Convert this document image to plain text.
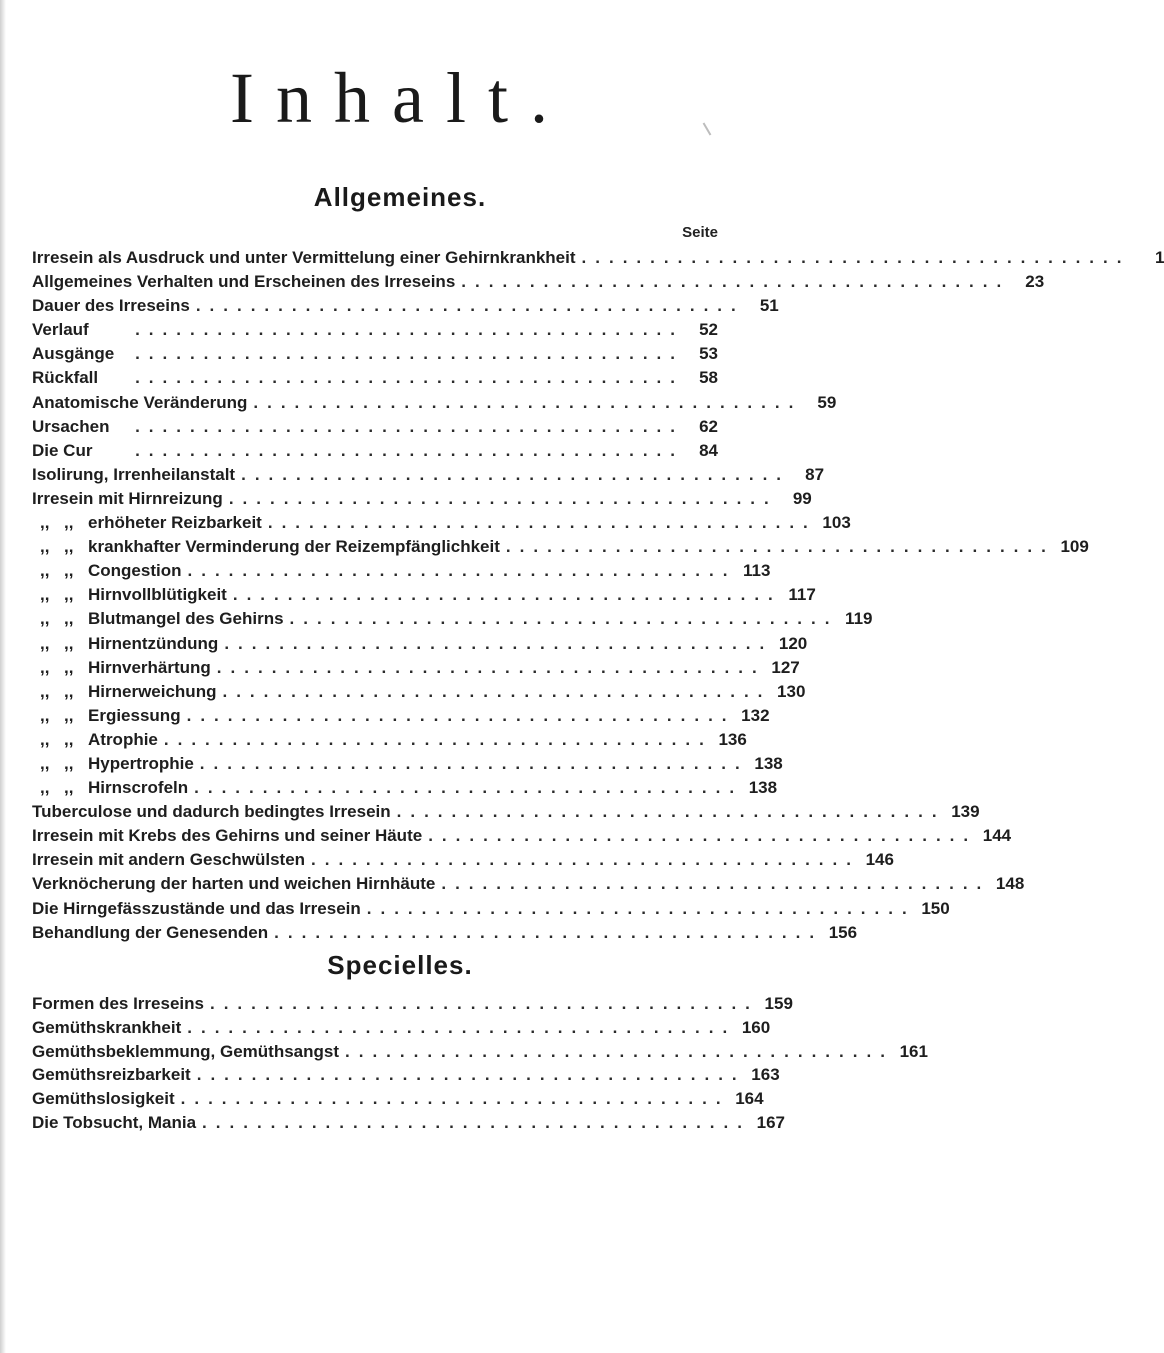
Inhalt.
Allgemeines.
Seite
Irresein als Ausdruck und unter Vermittelung einer Gehirnkrankheit ........................................	1
Allgemeines Verhalten und Erscheinen des Irreseins ........................................ 23
Dauer des Irreseins ........................................ 51
Verlauf	........................................ 52
Ausgänge	........................................ 53
Rückfall	........................................ 58
Anatomische Veränderung ........................................ 59
Ursachen	........................................ 62
Die Cur	........................................ 84
Isolirung, Irrenheilanstalt ........................................ 87
Irresein mit Hirnreizung ........................................ 99
,, ,, erhöheter Reizbarkeit ........................................ 103
,, ,, krankhafter Verminderung der Reizempfänglichkeit ........................................ 109
,, ,, Congestion ........................................ 113
,, ,, Hirnvollblütigkeit ........................................ 117
,, ,, Blutmangel des Gehirns ........................................ 119
,, ,, Hirnentzündung ........................................ 120
,, ,, Hirnverhärtung ........................................ 127
,, ,, Hirnerweichung ........................................ 130
,, ,, Ergiessung ........................................ 132
,, ,, Atrophie ........................................ 136
,, ,, Hypertrophie ........................................ 138
,, ,, Hirnscrofeln ........................................ 138
Tuberculose und dadurch bedingtes Irresein ........................................ 139
Irresein mit Krebs des Gehirns und seiner Häute ........................................ 144
Irresein mit andern Geschwülsten ........................................ 146
Verknöcherung der harten und weichen Hirnhäute ........................................ 148
Die Hirngefässzustände und das Irresein ........................................ 150
Behandlung der Genesenden ........................................ 156
Specielles.
Formen des Irreseins ........................................ 159
Gemüthskrankheit ........................................ 160
Gemüthsbeklemmung, Gemüthsangst ........................................ 161
Gemüthsreizbarkeit ........................................ 163
Gemüthslosigkeit ........................................ 164
Die Tobsucht, Mania ........................................ 167
